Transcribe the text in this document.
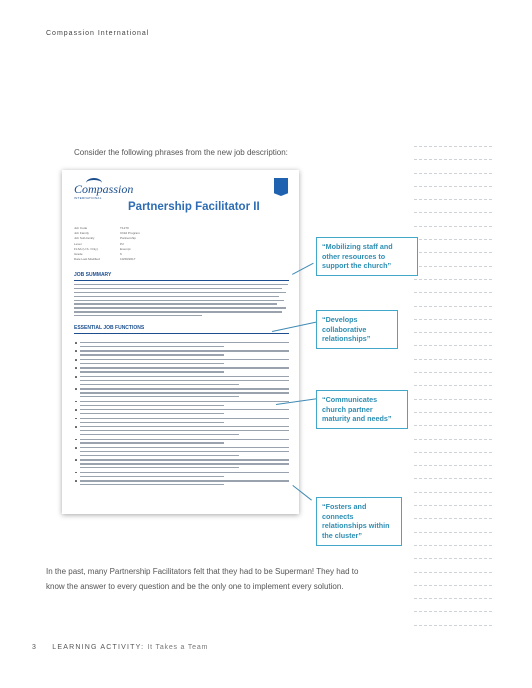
Compassion International
Consider the following phrases from the new job description:
Compassion
INTERNATIONAL
Partnership Facilitator II
Job Code	T1270
Job Family	Child Program
Job Sub-family	Partnership
Level	P2
FLSA (U.S. Only)	Exempt
Grade	6
Date Last Modified	10/30/2017
JOB SUMMARY
ESSENTIAL JOB FUNCTIONS
“Mobilizing staff and other resources to support the church”
“Develops collaborative relationships”
“Communicates church partner maturity and needs”
“Fosters and connects relationships within the cluster”
In the past, many Partnership Facilitators felt that they had to be Superman! They had to know the answer to every question and be the only one to implement every solution.
3 LEARNING ACTIVITY: It Takes a Team
